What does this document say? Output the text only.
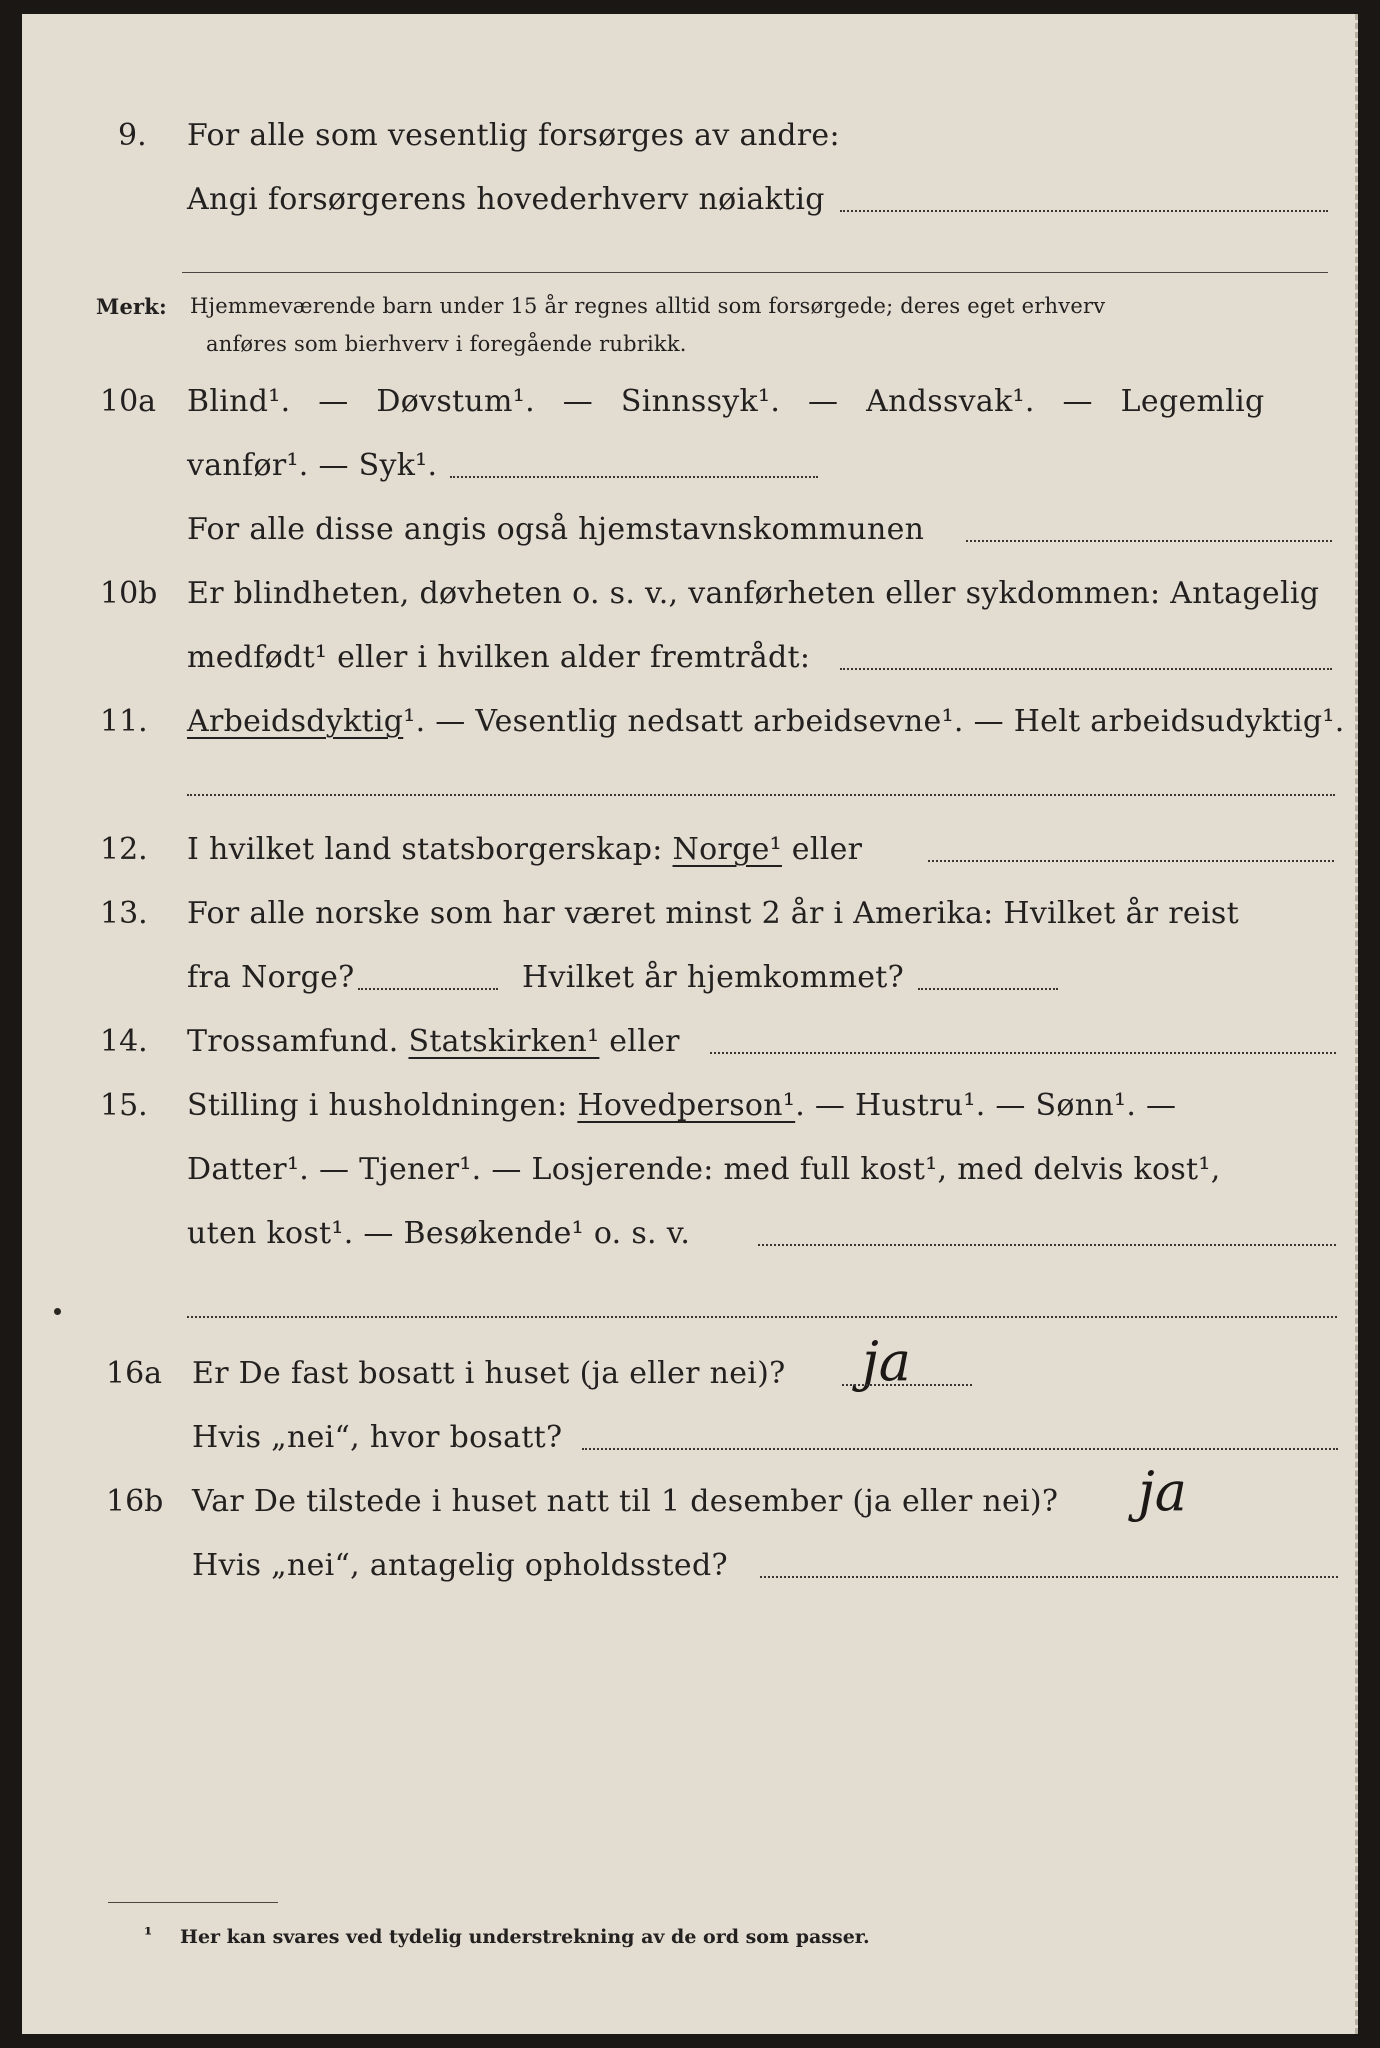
9. For alle som vesentlig forsørges av andre:
Angi forsørgerens hovederhverv nøiaktig
Merk: Hjemmeværende barn under 15 år regnes alltid som forsørgede; deres eget erhverv
anføres som bierhverv i foregående rubrikk.
10a Blind¹. — Døvstum¹. — Sinnssyk¹. — Andssvak¹. — Legemlig
vanfør¹. — Syk¹.
For alle disse angis også hjemstavnskommunen
10b Er blindheten, døvheten o. s. v., vanførheten eller sykdommen: Antagelig
medfødt¹ eller i hvilken alder fremtrådt:
11. Arbeidsdyktig¹. — Vesentlig nedsatt arbeidsevne¹. — Helt arbeidsudyktig¹.
12. I hvilket land statsborgerskap: Norge¹ eller
13. For alle norske som har været minst 2 år i Amerika: Hvilket år reist
fra Norge?	Hvilket år hjemkommet?
14. Trossamfund. Statskirken¹ eller
15. Stilling i husholdningen: Hovedperson¹. — Hustru¹. — Sønn¹. —
Datter¹. — Tjener¹. — Losjerende: med full kost¹, med delvis kost¹,
uten kost¹. — Besøkende¹ o. s. v.
16a Er De fast bosatt i huset (ja eller nei)? ja
Hvis „nei“, hvor bosatt?
16b Var De tilstede i huset natt til 1 desember (ja eller nei)? ja
Hvis „nei“, antagelig opholdssted?
¹ Her kan svares ved tydelig understrekning av de ord som passer.
